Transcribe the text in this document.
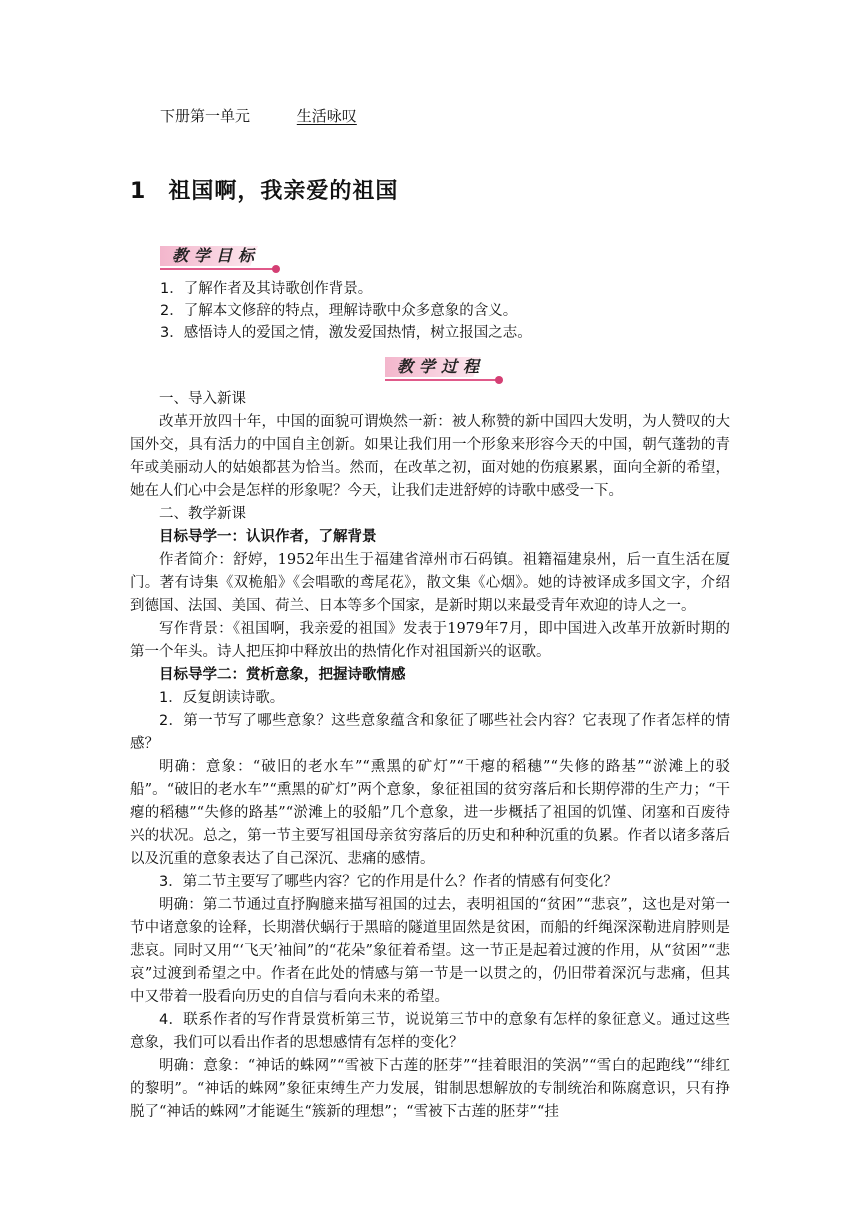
下册第一单元	生活咏叹
1 祖国啊，我亲爱的祖国
教学目标
1．了解作者及其诗歌创作背景。
2．了解本文修辞的特点，理解诗歌中众多意象的含义。
3．感悟诗人的爱国之情，激发爱国热情，树立报国之志。
教学过程

一、导入新课

改革开放四十年，中国的面貌可谓焕然一新：被人称赞的新中国四大发明，为人赞叹的大国外交，具有活力的中国自主创新。如果让我们用一个形象来形容今天的中国，朝气蓬勃的青年或美丽动人的姑娘都甚为恰当。然而，在改革之初，面对她的伤痕累累，面向全新的希望，她在人们心中会是怎样的形象呢？今天，让我们走进舒婷的诗歌中感受一下。

二、教学新课

目标导学一：认识作者，了解背景

作者简介：舒婷，1952年出生于福建省漳州市石码镇。祖籍福建泉州，后一直生活在厦门。著有诗集《双桅船》《会唱歌的鸢尾花》，散文集《心烟》。她的诗被译成多国文字，介绍到德国、法国、美国、荷兰、日本等多个国家，是新时期以来最受青年欢迎的诗人之一。

写作背景：《祖国啊，我亲爱的祖国》发表于1979年7月，即中国进入改革开放新时期的第一个年头。诗人把压抑中释放出的热情化作对祖国新兴的讴歌。

目标导学二：赏析意象，把握诗歌情感

1．反复朗读诗歌。

2．第一节写了哪些意象？这些意象蕴含和象征了哪些社会内容？它表现了作者怎样的情感？

明确：意象：“破旧的老水车”“熏黑的矿灯”“干瘪的稻穗”“失修的路基”“淤滩上的驳船”。“破旧的老水车”“熏黑的矿灯”两个意象，象征祖国的贫穷落后和长期停滞的生产力；“干瘪的稻穗”“失修的路基”“淤滩上的驳船”几个意象，进一步概括了祖国的饥馑、闭塞和百废待兴的状况。总之，第一节主要写祖国母亲贫穷落后的历史和种种沉重的负累。作者以诸多落后以及沉重的意象表达了自己深沉、悲痛的感情。

3．第二节主要写了哪些内容？它的作用是什么？作者的情感有何变化？

明确：第二节通过直抒胸臆来描写祖国的过去，表明祖国的“贫困”“悲哀”，这也是对第一节中诸意象的诠释，长期潜伏蜗行于黑暗的隧道里固然是贫困，而船的纤绳深深勒进肩脖则是悲哀。同时又用“‘飞天’袖间”的“花朵”象征着希望。这一节正是起着过渡的作用，从“贫困”“悲哀”过渡到希望之中。作者在此处的情感与第一节是一以贯之的，仍旧带着深沉与悲痛，但其中又带着一股看向历史的自信与看向未来的希望。

4．联系作者的写作背景赏析第三节，说说第三节中的意象有怎样的象征意义。通过这些意象，我们可以看出作者的思想感情有怎样的变化？

明确：意象：“神话的蛛网”“雪被下古莲的胚芽”“挂着眼泪的笑涡”“雪白的起跑线”“绯红的黎明”。“神话的蛛网”象征束缚生产力发展，钳制思想解放的专制统治和陈腐意识，只有挣脱了“神话的蛛网”才能诞生“簇新的理想”；“雪被下古莲的胚芽”“挂
